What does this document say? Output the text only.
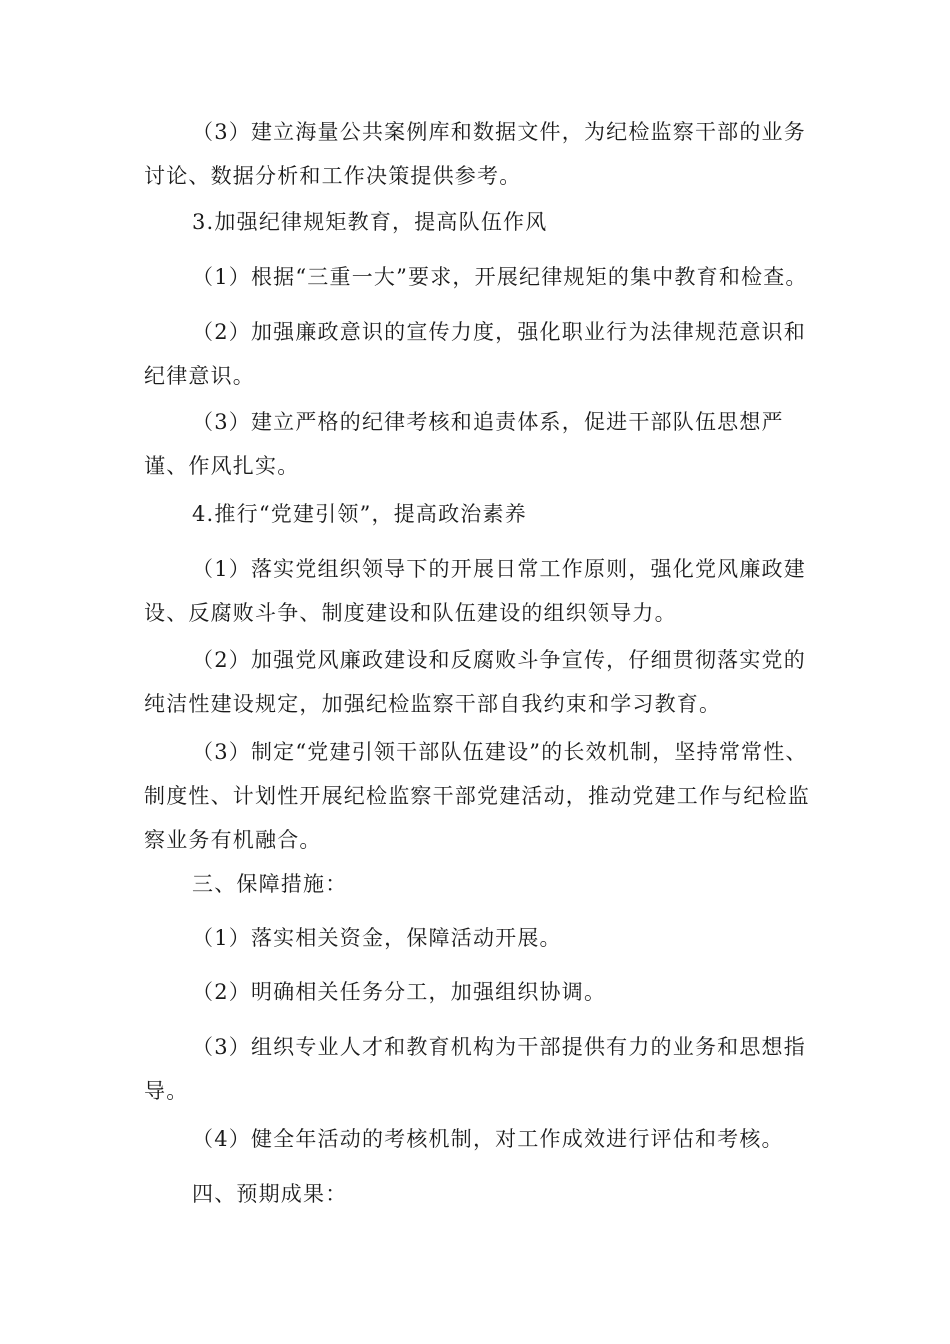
（3）建立海量公共案例库和数据文件，为纪检监察干部的业务讨论、数据分析和工作决策提供参考。

3.加强纪律规矩教育，提高队伍作风

（1）根据“三重一大”要求，开展纪律规矩的集中教育和检查。

（2）加强廉政意识的宣传力度，强化职业行为法律规范意识和纪律意识。

（3）建立严格的纪律考核和追责体系，促进干部队伍思想严谨、作风扎实。

4.推行“党建引领”，提高政治素养

（1）落实党组织领导下的开展日常工作原则，强化党风廉政建设、反腐败斗争、制度建设和队伍建设的组织领导力。

（2）加强党风廉政建设和反腐败斗争宣传，仔细贯彻落实党的纯洁性建设规定，加强纪检监察干部自我约束和学习教育。

（3）制定“党建引领干部队伍建设”的长效机制，坚持常常性、制度性、计划性开展纪检监察干部党建活动，推动党建工作与纪检监察业务有机融合。

三、保障措施：

（1）落实相关资金，保障活动开展。

（2）明确相关任务分工，加强组织协调。

（3）组织专业人才和教育机构为干部提供有力的业务和思想指导。

（4）健全年活动的考核机制，对工作成效进行评估和考核。

四、预期成果：
